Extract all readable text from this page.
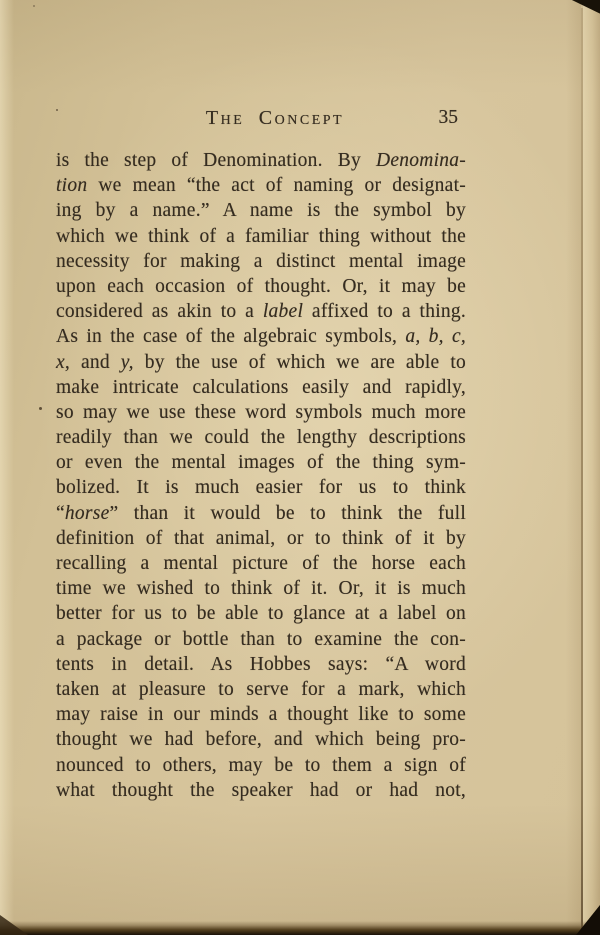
The Concept	35
is the step of Denomination. By Denomina-
tion we mean “the act of naming or designat-
ing by a name.” A name is the symbol by
which we think of a familiar thing without the
necessity for making a distinct mental image
upon each occasion of thought. Or, it may be
considered as akin to a label affixed to a thing.
As in the case of the algebraic symbols, a, b, c,
x, and y, by the use of which we are able to
make intricate calculations easily and rapidly,
so may we use these word symbols much more
readily than we could the lengthy descriptions
or even the mental images of the thing sym-
bolized. It is much easier for us to think
“horse” than it would be to think the full
definition of that animal, or to think of it by
recalling a mental picture of the horse each
time we wished to think of it. Or, it is much
better for us to be able to glance at a label on
a package or bottle than to examine the con-
tents in detail. As Hobbes says: “A word
taken at pleasure to serve for a mark, which
may raise in our minds a thought like to some
thought we had before, and which being pro-
nounced to others, may be to them a sign of
what thought the speaker had or had not,
